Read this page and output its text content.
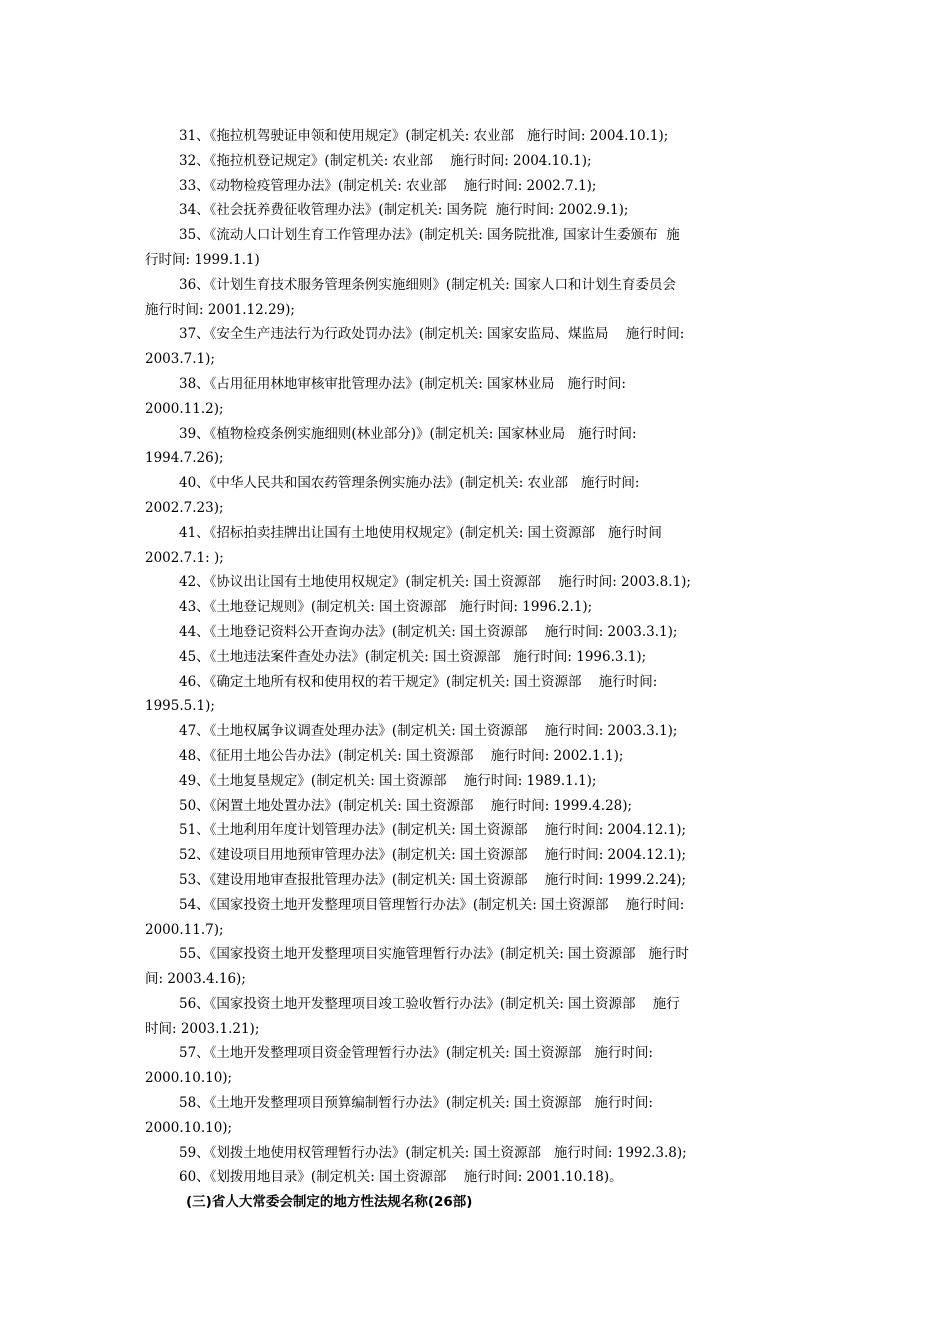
31、《拖拉机驾驶证申领和使用规定》(制定机关: 农业部   施行时间: 2004.10.1);
32、《拖拉机登记规定》(制定机关: 农业部    施行时间: 2004.10.1);
33、《动物检疫管理办法》(制定机关: 农业部    施行时间: 2002.7.1);
34、《社会抚养费征收管理办法》(制定机关: 国务院  施行时间: 2002.9.1);
35、《流动人口计划生育工作管理办法》(制定机关: 国务院批准, 国家计生委颁布  施
行时间: 1999.1.1)
36、《计划生育技术服务管理条例实施细则》(制定机关: 国家人口和计划生育委员会
施行时间: 2001.12.29);
37、《安全生产违法行为行政处罚办法》(制定机关: 国家安监局、煤监局    施行时间:
2003.7.1);
38、《占用征用林地审核审批管理办法》(制定机关: 国家林业局   施行时间:
2000.11.2);
39、《植物检疫条例实施细则(林业部分)》(制定机关: 国家林业局   施行时间:
1994.7.26);
40、《中华人民共和国农药管理条例实施办法》(制定机关: 农业部   施行时间:
2002.7.23);
41、《招标拍卖挂牌出让国有土地使用权规定》(制定机关: 国土资源部   施行时间
2002.7.1: );
42、《协议出让国有土地使用权规定》(制定机关: 国土资源部    施行时间: 2003.8.1);
43、《土地登记规则》(制定机关: 国土资源部   施行时间: 1996.2.1);
44、《土地登记资料公开查询办法》(制定机关: 国土资源部    施行时间: 2003.3.1);
45、《土地违法案件查处办法》(制定机关: 国土资源部   施行时间: 1996.3.1);
46、《确定土地所有权和使用权的若干规定》(制定机关: 国土资源部    施行时间:
1995.5.1);
47、《土地权属争议调查处理办法》(制定机关: 国土资源部    施行时间: 2003.3.1);
48、《征用土地公告办法》(制定机关: 国土资源部    施行时间: 2002.1.1);
49、《土地复垦规定》(制定机关: 国土资源部    施行时间: 1989.1.1);
50、《闲置土地处置办法》(制定机关: 国土资源部    施行时间: 1999.4.28);
51、《土地利用年度计划管理办法》(制定机关: 国土资源部    施行时间: 2004.12.1);
52、《建设项目用地预审管理办法》(制定机关: 国土资源部    施行时间: 2004.12.1);
53、《建设用地审查报批管理办法》(制定机关: 国土资源部    施行时间: 1999.2.24);
54、《国家投资土地开发整理项目管理暂行办法》(制定机关: 国土资源部    施行时间:
2000.11.7);
55、《国家投资土地开发整理项目实施管理暂行办法》(制定机关: 国土资源部   施行时
间: 2003.4.16);
56、《国家投资土地开发整理项目竣工验收暂行办法》(制定机关: 国土资源部    施行
时间: 2003.1.21);
57、《土地开发整理项目资金管理暂行办法》(制定机关: 国土资源部   施行时间:
2000.10.10);
58、《土地开发整理项目预算编制暂行办法》(制定机关: 国土资源部   施行时间:
2000.10.10);
59、《划拨土地使用权管理暂行办法》(制定机关: 国土资源部   施行时间: 1992.3.8);
60、《划拨用地目录》(制定机关: 国土资源部    施行时间: 2001.10.18)。
(三)省人大常委会制定的地方性法规名称(26部)
